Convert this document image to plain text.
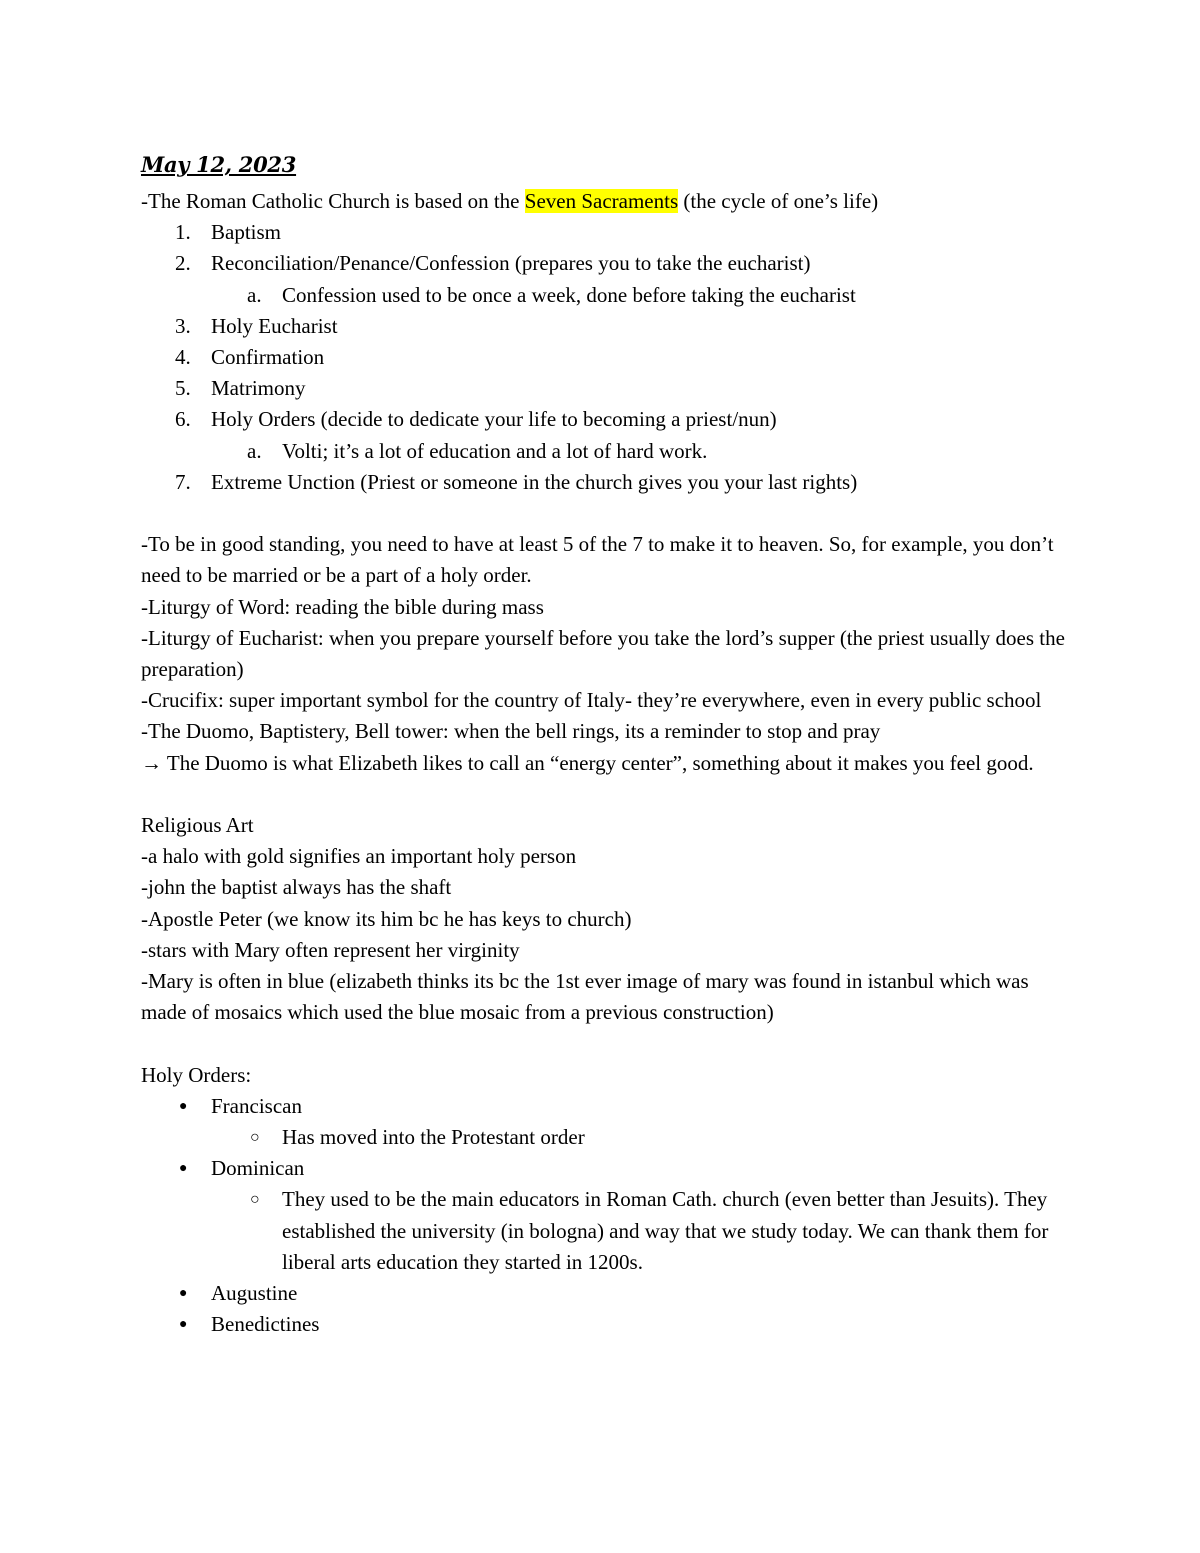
May 12, 2023
-The Roman Catholic Church is based on the Seven Sacraments (the cycle of one’s life)
1. Baptism
2. Reconciliation/Penance/Confession (prepares you to take the eucharist)
a. Confession used to be once a week, done before taking the eucharist
3. Holy Eucharist
4. Confirmation
5. Matrimony
6. Holy Orders (decide to dedicate your life to becoming a priest/nun)
a. Volti; it’s a lot of education and a lot of hard work.
7. Extreme Unction (Priest or someone in the church gives you your last rights)
-To be in good standing, you need to have at least 5 of the 7 to make it to heaven. So, for example, you don’t need to be married or be a part of a holy order.
-Liturgy of Word: reading the bible during mass
-Liturgy of Eucharist: when you prepare yourself before you take the lord’s supper (the priest usually does the preparation)
-Crucifix: super important symbol for the country of Italy- they’re everywhere, even in every public school
-The Duomo, Baptistery, Bell tower: when the bell rings, its a reminder to stop and pray
→ The Duomo is what Elizabeth likes to call an “energy center”, something about it makes you feel good.
Religious Art
-a halo with gold signifies an important holy person
-john the baptist always has the shaft
-Apostle Peter (we know its him bc he has keys to church)
-stars with Mary often represent her virginity
-Mary is often in blue (elizabeth thinks its bc the 1st ever image of mary was found in istanbul which was made of mosaics which used the blue mosaic from a previous construction)
Holy Orders:
● Franciscan
○ Has moved into the Protestant order
● Dominican
○ They used to be the main educators in Roman Cath. church (even better than Jesuits). They established the university (in bologna) and way that we study today. We can thank them for liberal arts education they started in 1200s.
● Augustine
● Benedictines
